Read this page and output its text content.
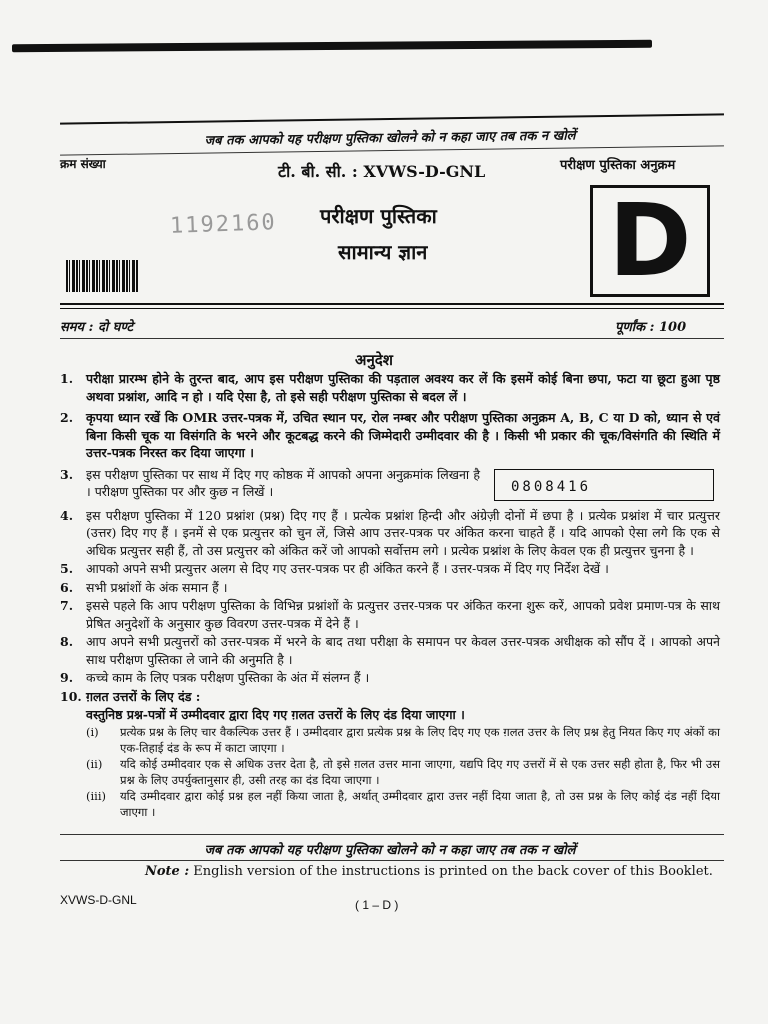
जब तक आपको यह परीक्षण पुस्तिका खोलने को न कहा जाए तब तक न खोलें
क्रम संख्या	टी. बी. सी. : XVWS-D-GNL	परीक्षण पुस्तिका अनुक्रम
1192160 परीक्षण पुस्तिका
सामान्य ज्ञान D
समय : दो घण्टे	पूर्णांक : 100
अनुदेश
1.	परीक्षा प्रारम्भ होने के तुरन्त बाद, आप इस परीक्षण पुस्तिका की पड़ताल अवश्य कर लें कि इसमें कोई बिना छपा, फटा या छूटा हुआ पृष्ठ अथवा प्रश्नांश, आदि न हो । यदि ऐसा है, तो इसे सही परीक्षण पुस्तिका से बदल लें ।
2.	कृपया ध्यान रखें कि OMR उत्तर-पत्रक में, उचित स्थान पर, रोल नम्बर और परीक्षण पुस्तिका अनुक्रम A, B, C या D को, ध्यान से एवं बिना किसी चूक या विसंगति के भरने और कूटबद्ध करने की जिम्मेदारी उम्मीदवार की है । किसी भी प्रकार की चूक/विसंगति की स्थिति में उत्तर-पत्रक निरस्त कर दिया जाएगा ।
3.	इस परीक्षण पुस्तिका पर साथ में दिए गए कोष्ठक में आपको अपना अनुक्रमांक लिखना है । परीक्षण पुस्तिका पर और कुछ न लिखें ।
4.	इस परीक्षण पुस्तिका में 120 प्रश्नांश (प्रश्न) दिए गए हैं । प्रत्येक प्रश्नांश हिन्दी और अंग्रेज़ी दोनों में छपा है । प्रत्येक प्रश्नांश में चार प्रत्युत्तर (उत्तर) दिए गए हैं । इनमें से एक प्रत्युत्तर को चुन लें, जिसे आप उत्तर-पत्रक पर अंकित करना चाहते हैं । यदि आपको ऐसा लगे कि एक से अधिक प्रत्युत्तर सही हैं, तो उस प्रत्युत्तर को अंकित करें जो आपको सर्वोत्तम लगे । प्रत्येक प्रश्नांश के लिए केवल एक ही प्रत्युत्तर चुनना है ।
5.	आपको अपने सभी प्रत्युत्तर अलग से दिए गए उत्तर-पत्रक पर ही अंकित करने हैं । उत्तर-पत्रक में दिए गए निर्देश देखें ।
6.	सभी प्रश्नांशों के अंक समान हैं ।
7.	इससे पहले कि आप परीक्षण पुस्तिका के विभिन्न प्रश्नांशों के प्रत्युत्तर उत्तर-पत्रक पर अंकित करना शुरू करें, आपको प्रवेश प्रमाण-पत्र के साथ प्रेषित अनुदेशों के अनुसार कुछ विवरण उत्तर-पत्रक में देने हैं ।
8.	आप अपने सभी प्रत्युत्तरों को उत्तर-पत्रक में भरने के बाद तथा परीक्षा के समापन पर केवल उत्तर-पत्रक अधीक्षक को सौंप दें । आपको अपने साथ परीक्षण पुस्तिका ले जाने की अनुमति है ।
9.	कच्चे काम के लिए पत्रक परीक्षण पुस्तिका के अंत में संलग्न हैं ।
10. ग़लत उत्तरों के लिए दंड :

वस्तुनिष्ठ प्रश्न-पत्रों में उम्मीदवार द्वारा दिए गए ग़लत उत्तरों के लिए दंड दिया जाएगा ।

(i)	प्रत्येक प्रश्न के लिए चार वैकल्पिक उत्तर हैं । उम्मीदवार द्वारा प्रत्येक प्रश्न के लिए दिए गए एक ग़लत उत्तर के लिए प्रश्न हेतु नियत किए गए अंकों का एक-तिहाई दंड के रूप में काटा जाएगा ।
(ii)	यदि कोई उम्मीदवार एक से अधिक उत्तर देता है, तो इसे ग़लत उत्तर माना जाएगा, यद्यपि दिए गए उत्तरों में से एक उत्तर सही होता है, फिर भी उस प्रश्न के लिए उपर्युक्तानुसार ही, उसी तरह का दंड दिया जाएगा ।
(iii)	यदि उम्मीदवार द्वारा कोई प्रश्न हल नहीं किया जाता है, अर्थात् उम्मीदवार द्वारा उत्तर नहीं दिया जाता है, तो उस प्रश्न के लिए कोई दंड नहीं दिया जाएगा ।
0808416
जब तक आपको यह परीक्षण पुस्तिका खोलने को न कहा जाए तब तक न खोलें
Note : English version of the instructions is printed on the back cover of this Booklet.
XVWS-D-GNL	( 1 – D )
